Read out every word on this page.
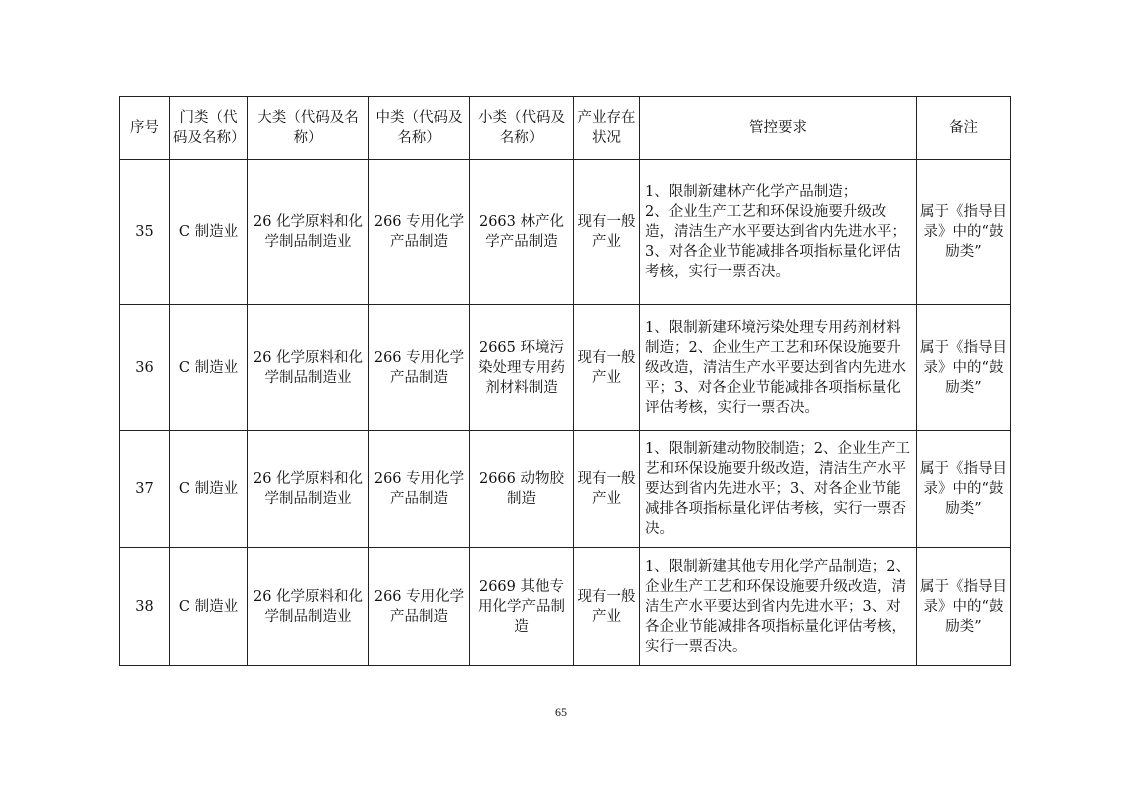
序号	门类（代码及名称）	大类（代码及名称）	中类（代码及名称）	小类（代码及名称）	产业存在状况	管控要求	备注
35	C 制造业	26 化学原料和化学制品制造业	266 专用化学产品制造	2663 林产化学产品制造	现有一般产业	1、限制新建林产化学产品制造；
2、企业生产工艺和环保设施要升级改造，清洁生产水平要达到省内先进水平；
3、对各企业节能减排各项指标量化评估考核，实行一票否决。	属于《指导目录》中的“鼓励类”
36	C 制造业	26 化学原料和化学制品制造业	266 专用化学产品制造	2665 环境污染处理专用药剂材料制造	现有一般产业	1、限制新建环境污染处理专用药剂材料制造；2、企业生产工艺和环保设施要升级改造，清洁生产水平要达到省内先进水平；3、对各企业节能减排各项指标量化评估考核，实行一票否决。	属于《指导目录》中的“鼓励类”
37	C 制造业	26 化学原料和化学制品制造业	266 专用化学产品制造	2666 动物胶制造	现有一般产业	1、限制新建动物胶制造；2、企业生产工艺和环保设施要升级改造，清洁生产水平要达到省内先进水平；3、对各企业节能减排各项指标量化评估考核，实行一票否决。	属于《指导目录》中的“鼓励类”
38	C 制造业	26 化学原料和化学制品制造业	266 专用化学产品制造	2669 其他专用化学产品制造	现有一般产业	1、限制新建其他专用化学产品制造；2、企业生产工艺和环保设施要升级改造，清洁生产水平要达到省内先进水平；3、对各企业节能减排各项指标量化评估考核，实行一票否决。	属于《指导目录》中的“鼓励类”
65
